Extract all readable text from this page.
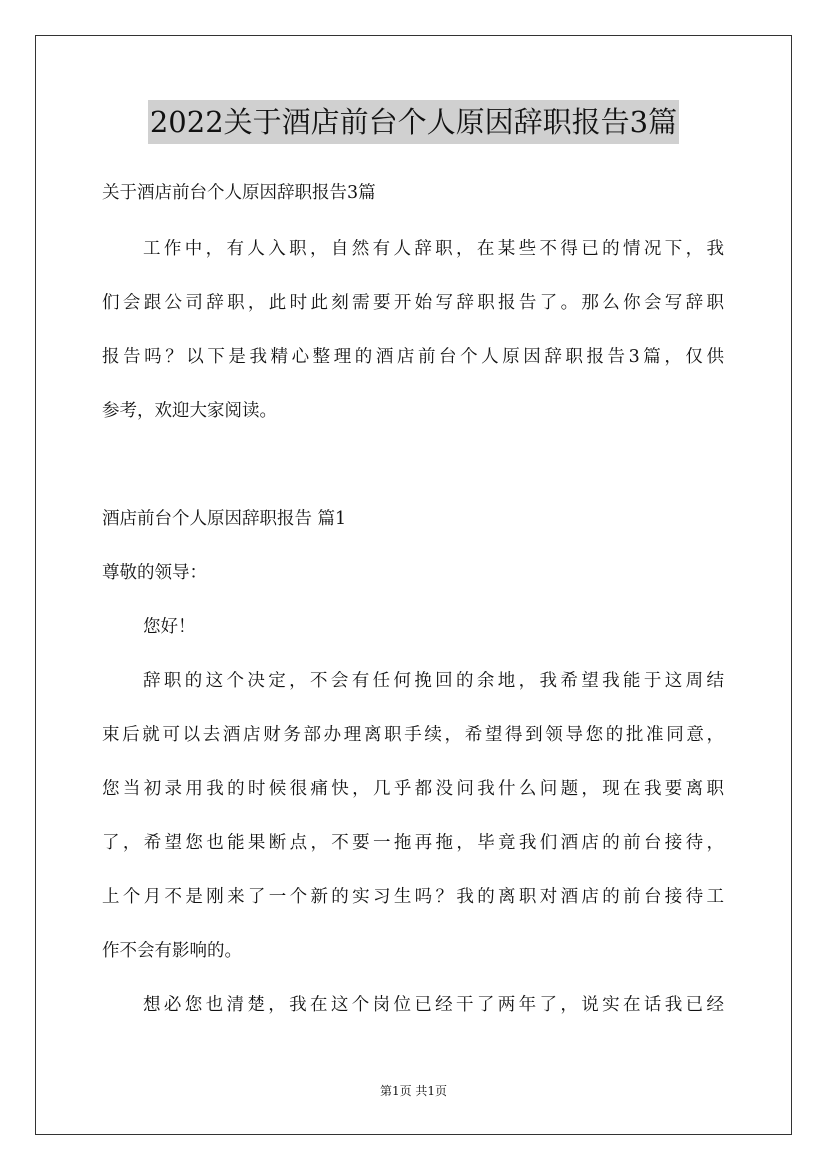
2022关于酒店前台个人原因辞职报告3篇
关于酒店前台个人原因辞职报告3篇
工作中，有人入职，自然有人辞职，在某些不得已的情况下，我
们会跟公司辞职，此时此刻需要开始写辞职报告了。那么你会写辞职
报告吗？以下是我精心整理的酒店前台个人原因辞职报告3篇，仅供
参考，欢迎大家阅读。
酒店前台个人原因辞职报告 篇1
尊敬的领导：
您好！
辞职的这个决定，不会有任何挽回的余地，我希望我能于这周结
束后就可以去酒店财务部办理离职手续，希望得到领导您的批准同意，
您当初录用我的时候很痛快，几乎都没问我什么问题，现在我要离职
了，希望您也能果断点，不要一拖再拖，毕竟我们酒店的前台接待，
上个月不是刚来了一个新的实习生吗？我的离职对酒店的前台接待工
作不会有影响的。
想必您也清楚，我在这个岗位已经干了两年了，说实在话我已经
第1页 共1页
